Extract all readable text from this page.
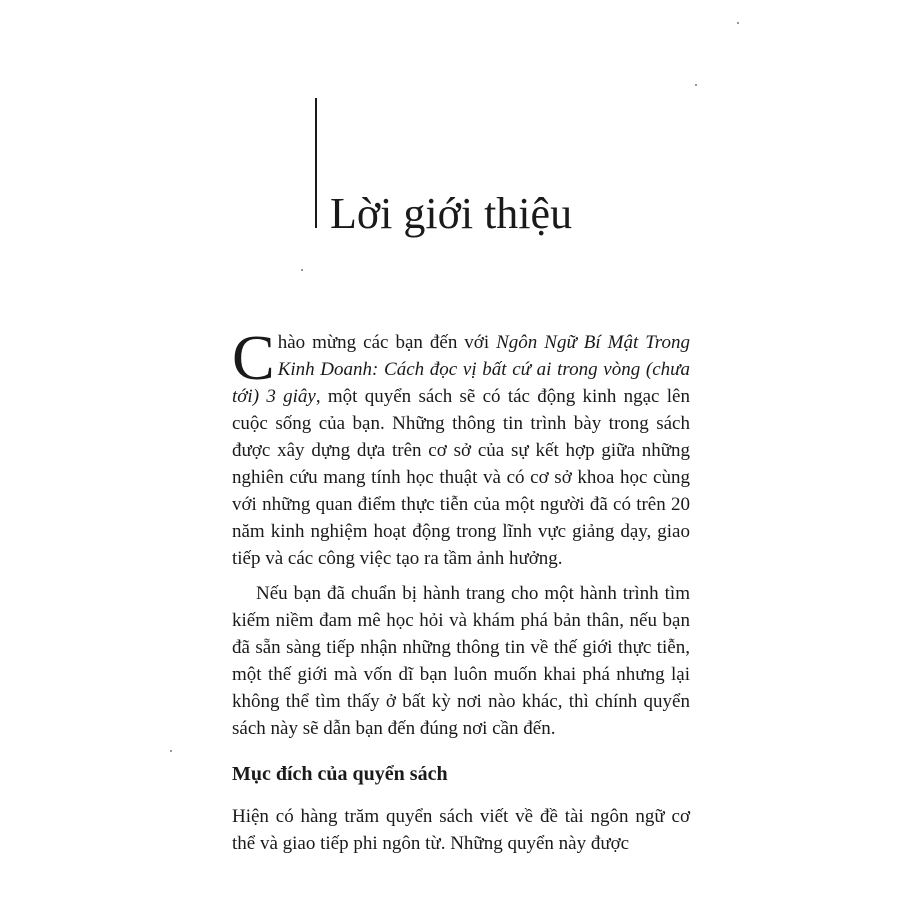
Lời giới thiệu

Chào mừng các bạn đến với Ngôn Ngữ Bí Mật Trong Kinh Doanh: Cách đọc vị bất cứ ai trong vòng (chưa tới) 3 giây, một quyển sách sẽ có tác động kinh ngạc lên cuộc sống của bạn. Những thông tin trình bày trong sách được xây dựng dựa trên cơ sở của sự kết hợp giữa những nghiên cứu mang tính học thuật và có cơ sở khoa học cùng với những quan điểm thực tiễn của một người đã có trên 20 năm kinh nghiệm hoạt động trong lĩnh vực giảng dạy, giao tiếp và các công việc tạo ra tầm ảnh hưởng.

Nếu bạn đã chuẩn bị hành trang cho một hành trình tìm kiếm niềm đam mê học hỏi và khám phá bản thân, nếu bạn đã sẵn sàng tiếp nhận những thông tin về thế giới thực tiễn, một thế giới mà vốn dĩ bạn luôn muốn khai phá nhưng lại không thể tìm thấy ở bất kỳ nơi nào khác, thì chính quyển sách này sẽ dẫn bạn đến đúng nơi cần đến.

Mục đích của quyển sách

Hiện có hàng trăm quyển sách viết về đề tài ngôn ngữ cơ thể và giao tiếp phi ngôn từ. Những quyển này được
